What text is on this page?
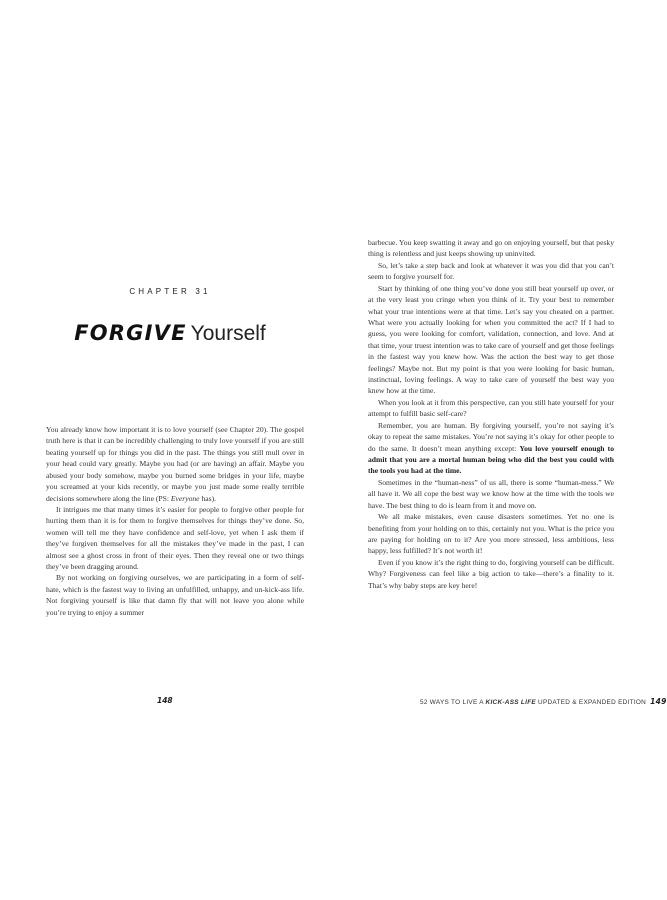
CHAPTER 31
FORGIVE Yourself

You already know how important it is to love yourself (see Chapter 20). The gospel truth here is that it can be incredibly challenging to truly love yourself if you are still beating yourself up for things you did in the past. The things you still mull over in your head could vary greatly. Maybe you had (or are having) an affair. Maybe you abused your body somehow, maybe you burned some bridges in your life, maybe you screamed at your kids recently, or maybe you just made some really terrible decisions somewhere along the line (PS: Everyone has).

It intrigues me that many times it’s easier for people to forgive other people for hurting them than it is for them to forgive themselves for things they’ve done. So, women will tell me they have confidence and self-love, yet when I ask them if they’ve forgiven themselves for all the mistakes they’ve made in the past, I can almost see a ghost cross in front of their eyes. Then they reveal one or two things they’ve been dragging around.

By not working on forgiving ourselves, we are participating in a form of self-hate, which is the fastest way to living an unfulfilled, unhappy, and un-kick-ass life. Not forgiving yourself is like that damn fly that will not leave you alone while you’re trying to enjoy a summer

148

barbecue. You keep swatting it away and go on enjoying yourself, but that pesky thing is relentless and just keeps showing up uninvited.

So, let’s take a step back and look at whatever it was you did that you can’t seem to forgive yourself for.

Start by thinking of one thing you’ve done you still beat yourself up over, or at the very least you cringe when you think of it. Try your best to remember what your true intentions were at that time. Let’s say you cheated on a partner. What were you actually looking for when you committed the act? If I had to guess, you were looking for comfort, validation, connection, and love. And at that time, your truest intention was to take care of yourself and get those feelings in the fastest way you knew how. Was the action the best way to get those feelings? Maybe not. But my point is that you were looking for basic human, instinctual, loving feelings. A way to take care of yourself the best way you knew how at the time.

When you look at it from this perspective, can you still hate yourself for your attempt to fulfill basic self-care?

Remember, you are human. By forgiving yourself, you’re not saying it’s okay to repeat the same mistakes. You’re not saying it’s okay for other people to do the same. It doesn’t mean anything except: You love yourself enough to admit that you are a mortal human being who did the best you could with the tools you had at the time.

Sometimes in the “human-ness” of us all, there is some “human-mess.” We all have it. We all cope the best way we know how at the time with the tools we have. The best thing to do is learn from it and move on.

We all make mistakes, even cause disasters sometimes. Yet no one is benefiting from your holding on to this, certainly not you. What is the price you are paying for holding on to it? Are you more stressed, less ambitious, less happy, less fulfilled? It’s not worth it!

Even if you know it’s the right thing to do, forgiving yourself can be difficult. Why? Forgiveness can feel like a big action to take—there’s a finality to it. That’s why baby steps are key here!

52 WAYS TO LIVE A KICK-ASS LIFE UPDATED & EXPANDED EDITION 149
